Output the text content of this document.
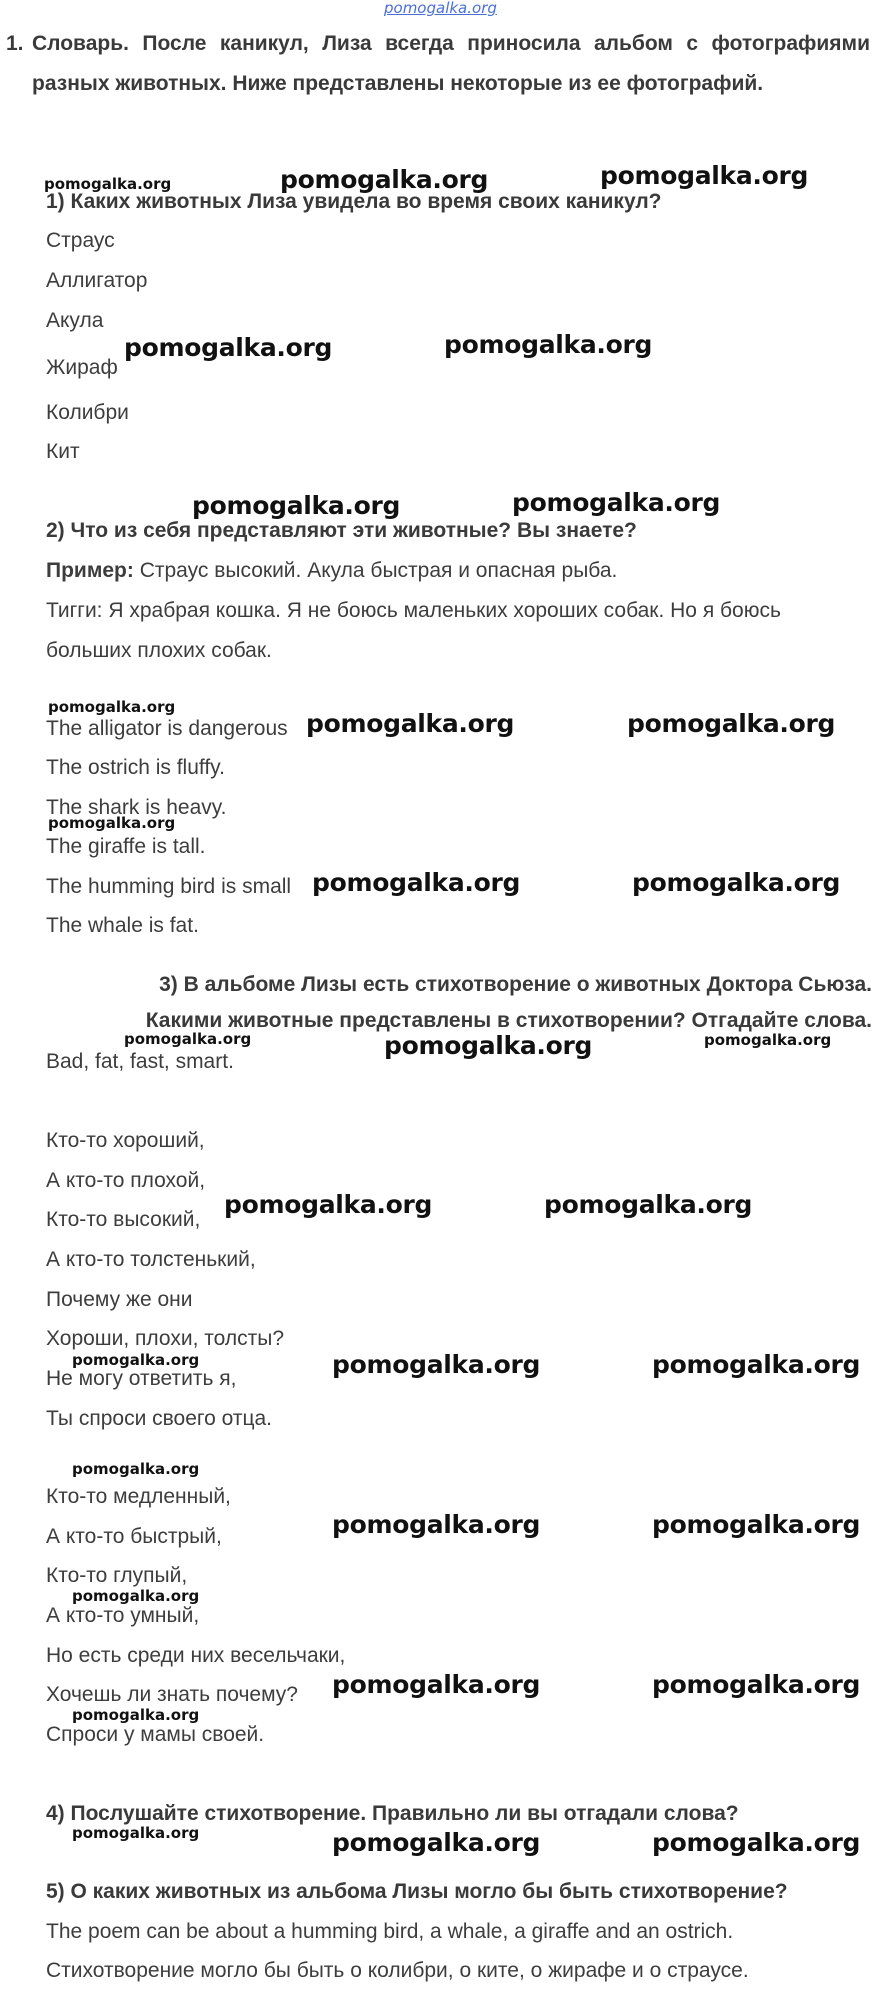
pomogalka.org
1. Словарь. После каникул, Лиза всегда приносила альбом с фотографиями разных животных. Ниже представлены некоторые из ее фотографий.
pomogalka.org	pomogalka.org	pomogalka.org
1) Каких животных Лиза увидела во время своих каникул?
Страус
Аллигатор
Акула
Жираф
pomogalka.org	pomogalka.org
Колибри
Кит
pomogalka.org	pomogalka.org
2) Что из себя представляют эти животные? Вы знаете?
Пример: Страус высокий. Акула быстрая и опасная рыба.
Тигги: Я храбрая кошка. Я не боюсь маленьких хороших собак. Но я боюсь
больших плохих собак.
pomogalka.org
The alligator is dangerous pomogalka.org	pomogalka.org
The ostrich is fluffy.
The shark is heavy.
pomogalka.org
The giraffe is tall.
The humming bird is small pomogalka.org	pomogalka.org
The whale is fat.
3) В альбоме Лизы есть стихотворение о животных Доктора Сьюза.
Какими животные представлены в стихотворении? Отгадайте слова.
pomogalka.org	pomogalka.org	pomogalka.org
Bad, fat, fast, smart.
Кто-то хороший,
А кто-то плохой,
Кто-то высокий,
pomogalka.org	pomogalka.org
А кто-то толстенький,
Почему же они
Хороши, плохи, толсты?
pomogalka.org
Не могу ответить я,	pomogalka.org	pomogalka.org
Ты спроси своего отца.
pomogalka.org
Кто-то медленный,
А кто-то быстрый,	pomogalka.org	pomogalka.org
Кто-то глупый,
pomogalka.org
А кто-то умный,
Но есть среди них весельчаки,
Хочешь ли знать почему? pomogalka.org	pomogalka.org
pomogalka.org
Спроси у мамы своей.
4) Послушайте стихотворение. Правильно ли вы отгадали слова?
pomogalka.org	pomogalka.org	pomogalka.org
5) О каких животных из альбома Лизы могло бы быть стихотворение?
The poem can be about a humming bird, a whale, a giraffe and an ostrich.
Стихотворение могло бы быть о колибри, о ките, о жирафе и о страусе.
